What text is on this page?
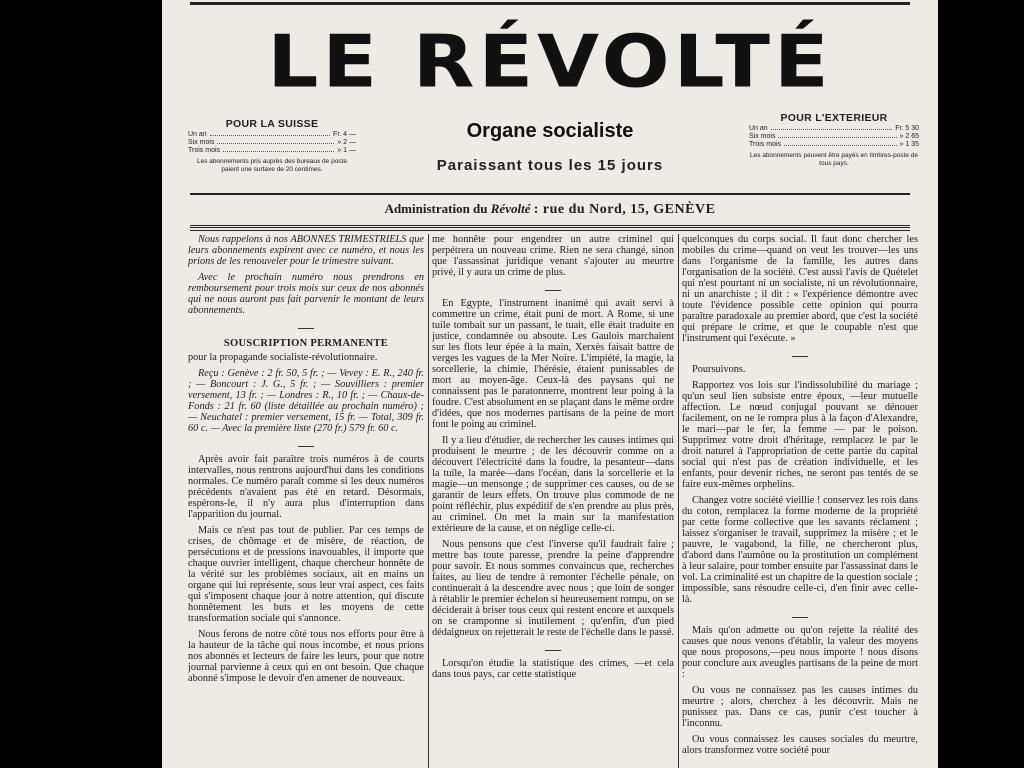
LE RÉVOLTÉ
POUR LA SUISSE
Un an	Fr. 4 —
Six mois	» 2 —
Trois mois	» 1 —
Les abonnements pris auprès des bureaux de poste paient une surtaxe de 20 centimes.
POUR L'EXTERIEUR
Un an	Fr. 5 30
Six mois	» 2 65
Trois mois	» 1 35
Les abonnements peuvent être payés en timbres-poste de tous pays.
Organe socialiste
Paraissant tous les 15 jours
Administration du Révolté : rue du Nord, 15, GENÈVE

Nous rappelons à nos ABONNÉS TRIMESTRIELS que leurs abonnements expirent avec ce numéro, et nous les prions de les renouveler pour le trimestre suivant.

Avec le prochain numéro nous prendrons en remboursement pour trois mois sur ceux de nos abonnés qui ne nous auront pas fait parvenir le montant de leurs abonnements.

SOUSCRIPTION PERMANENTE

pour la propagande socialiste-révolutionnaire.

Reçu : Genève : 2 fr. 50, 5 fr. ; — Vevey : E. R., 240 fr. ; — Boncourt : J. G., 5 fr. ; — Souvilliers : premier versement, 13 fr. ; — Londres : R., 10 fr. ; — Chaux-de-Fonds : 21 fr. 60 (liste détaillée au prochain numéro) ; — Neuchatel : premier versement, 15 fr. — Total, 309 fr. 60 c. — Avec la première liste (270 fr.) 579 fr. 60 c.

Après avoir fait paraître trois numéros à de courts intervalles, nous rentrons aujourd'hui dans les conditions normales. Ce numéro paraît comme si les deux numéros précédents n'avaient pas été en retard. Désormais, espérons-le, il n'y aura plus d'interruption dans l'apparition du journal.

Mais ce n'est pas tout de publier. Par ces temps de crises, de chômage et de misère, de réaction, de persécutions et de pressions inavouables, il importe que chaque ouvrier intelligent, chaque chercheur honnête de la vérité sur les problèmes sociaux, ait en mains un organe qui lui représente, sous leur vrai aspect, ces faits qui s'imposent chaque jour à notre attention, qui discute honnêtement les buts et les moyens de cette transformation sociale qui s'annonce.

Nous ferons de notre côté tous nos efforts pour être à la hauteur de la tâche qui nous incombe, et nous prions nos abonnés et lecteurs de faire les leurs, pour que notre journal parvienne à ceux qui en ont besoin. Que chaque abonné s'impose le devoir d'en amener de nouveaux.

me honnête pour engendrer un autre criminel qui perpétrera un nouveau crime. Rien ne sera changé, sinon que l'assassinat juridique venant s'ajouter au meurtre privé, il y aura un crime de plus.

En Egypte, l'instrument inanimé qui avait servi à commettre un crime, était puni de mort. A Rome, si une tuile tombait sur un passant, le tuait, elle était traduite en justice, condamnée ou absoute. Les Gaulois marchaient sur les flots leur épée à la main, Xerxès faisait battre de verges les vagues de la Mer Noire. L'impiété, la magie, la sorcellerie, la chimie, l'hérésie, étaient punissables de mort au moyen-âge. Ceux-là des paysans qui ne connaissent pas le paratonnerre, montrent leur poing à la foudre. C'est absolument en se plaçant dans le même ordre d'idées, que nos modernes partisans de la peine de mort font le poing au criminel.

Il y a lieu d'étudier, de rechercher les causes intimes qui produisent le meurtre ; de les découvrir comme on a découvert l'électricité dans la foudre, la pesanteur—dans la tuile, la marée—dans l'océan, dans la sorcellerie et la magie—un mensonge ; de supprimer ces causes, ou de se garantir de leurs effets. On trouve plus commode de ne point réfléchir, plus expéditif de s'en prendre au plus près, au criminel. On met la main sur la manifestation extérieure de la cause, et on néglige celle-ci.

Nous pensons que c'est l'inverse qu'il faudrait faire ; mettre bas toute paresse, prendre la peine d'apprendre pour savoir. Et nous sommes convaincus que, recherches faites, au lieu de tendre à remonter l'échelle pénale, on continuerait à la descendre avec nous ; que loin de songer à rétablir le premier échelon si heureusement rompu, on se déciderait à briser tous ceux qui restent encore et auxquels on se cramponne si inutilement ; qu'enfin, d'un pied dédaigneux on rejetterait le reste de l'échelle dans le passé.

Lorsqu'on étudie la statistique des crimes, —et cela dans tous pays, car cette statistique

quelconques du corps social. Il faut donc chercher les mobiles du crime—quand on veut les trouver—les uns dans l'organisme de la famille, les autres dans l'organisation de la société. C'est aussi l'avis de Quételet qui n'est pourtant ni un socialiste, ni un révolutionnaire, ni un anarchiste ; il dit : « l'expérience démontre avec toute l'évidence possible cette opinion qui pourra paraître paradoxale au premier abord, que c'est la société qui prépare le crime, et que le coupable n'est que l'instrument qui l'exécute. »

Poursuivons.

Rapportez vos lois sur l'indissolubilité du mariage ; qu'un seul lien subsiste entre époux, —leur mutuelle affection. Le nœud conjugal pouvant se dénouer facilement, on ne le rompra plus à la façon d'Alexandre, le mari—par le fer, la femme — par le poison. Supprimez votre droit d'héritage, remplacez le par le droit naturel à l'appropriation de cette partie du capital social qui n'est pas de création individuelle, et les enfants, pour devenir riches, ne seront pas tentés de se faire eux-mêmes orphelins.

Changez votre société vieillie ! conservez les rois dans du coton, remplacez la forme moderne de la propriété par cette forme collective que les savants réclament ; laissez s'organiser le travail, supprimez la misère ; et le pauvre, le vagabond, la fille, ne chercheront plus, d'abord dans l'aumône ou la prostitution un complément à leur salaire, pour tomber ensuite par l'assassinat dans le vol. La criminalité est un chapitre de la question sociale ; impossible, sans résoudre celle-ci, d'en finir avec celle-là.

Mais qu'on admette ou qu'on rejette la réalité des causes que nous venons d'établir, la valeur des moyens que nous proposons,—peu nous importe ! nous disons pour conclure aux aveugles partisans de la peine de mort :

Ou vous ne connaissez pas les causes intimes du meurtre ; alors, cherchez à les découvrir. Mais ne punissez pas. Dans ce cas, punir c'est toucher à l'inconnu.

Ou vous connaissez les causes sociales du meurtre, alors transformez votre société pour
